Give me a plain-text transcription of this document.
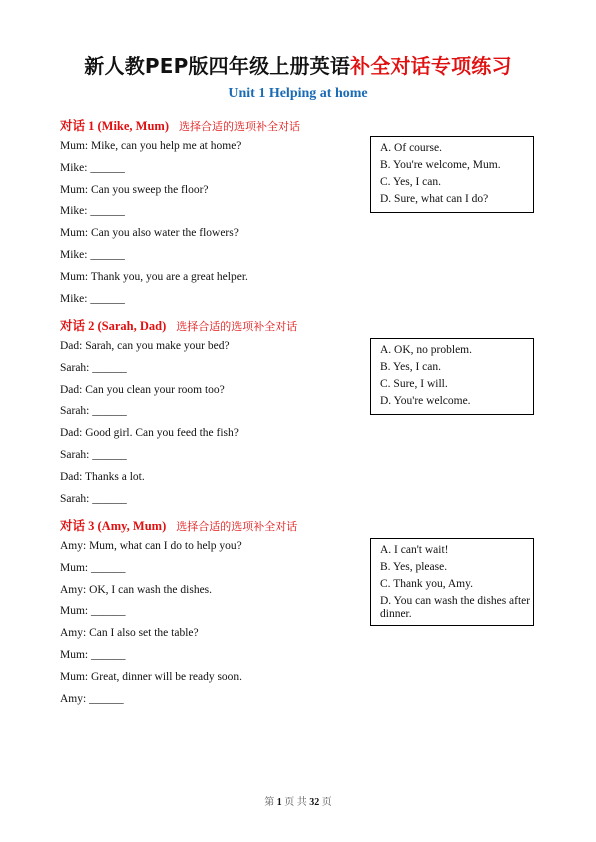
新人教PEP版四年级上册英语补全对话专项练习
Unit 1 Helping at home
对话 1 (Mike, Mum) 选择合适的选项补全对话
Mum: Mike, can you help me at home?
Mike: ______
Mum: Can you sweep the floor?
Mike: ______
Mum: Can you also water the flowers?
Mike: ______
Mum: Thank you, you are a great helper.
Mike: ______
A. Of course.
B. You're welcome, Mum.
C. Yes, I can.
D. Sure, what can I do?
对话 2 (Sarah, Dad) 选择合适的选项补全对话
Dad: Sarah, can you make your bed?
Sarah: ______
Dad: Can you clean your room too?
Sarah: ______
Dad: Good girl. Can you feed the fish?
Sarah: ______
Dad: Thanks a lot.
Sarah: ______
A. OK, no problem.
B. Yes, I can.
C. Sure, I will.
D. You're welcome.
对话 3 (Amy, Mum) 选择合适的选项补全对话
Amy: Mum, what can I do to help you?
Mum: ______
Amy: OK, I can wash the dishes.
Mum: ______
Amy: Can I also set the table?
Mum: ______
Mum: Great, dinner will be ready soon.
Amy: ______
A. I can't wait!
B. Yes, please.
C. Thank you, Amy.
D. You can wash the dishes after dinner.
第 1 页 共 32 页
